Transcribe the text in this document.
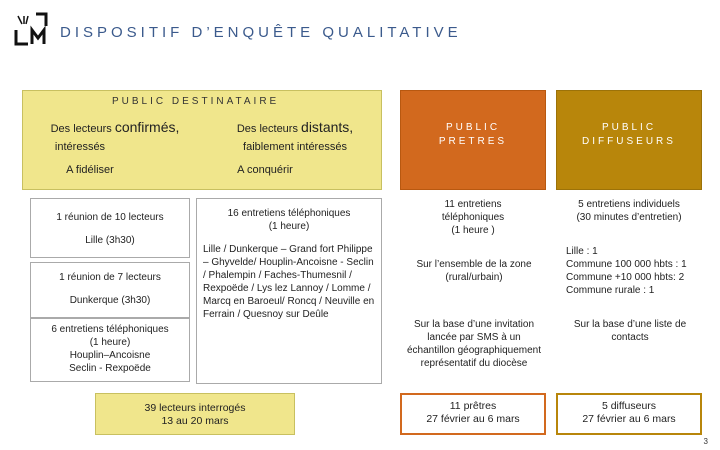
DISPOSITIF D’ENQUÊTE QUALITATIVE
PUBLIC DESTINATAIRE
Des lecteurs confirmés,
intéressés
A fidéliser
Des lecteurs distants,
faiblement intéressés
A conquérir
PUBLIC
PRETRES
PUBLIC
DIFFUSEURS
1 réunion de 10 lecteurs
Lille (3h30)
1 réunion de 7 lecteurs
Dunkerque (3h30)
6 entretiens téléphoniques
(1 heure)
Houplin–Ancoisne
Seclin - Rexpoëde
16 entretiens téléphoniques
(1 heure)
Lille / Dunkerque – Grand fort Philippe – Ghyvelde/ Houplin-Ancoisne - Seclin / Phalempin / Faches-Thumesnil / Rexpoëde / Lys lez Lannoy / Lomme / Marcq en Baroeul/ Roncq / Neuville en Ferrain / Quesnoy sur Deûle
11 entretiens
téléphoniques
(1 heure )
Sur l’ensemble de la zone (rural/urbain)
Sur la base d’une invitation lancée par SMS à un échantillon géographiquement représentatif du diocèse
5 entretiens individuels
(30 minutes d’entretien)
Lille : 1
Commune 100 000 hbts : 1
Commune +10 000 hbts: 2
Commune rurale : 1
Sur la base d’une liste de contacts
39 lecteurs interrogés
13 au 20 mars
11 prêtres
27 février au 6 mars
5 diffuseurs
27 février au 6 mars
3
